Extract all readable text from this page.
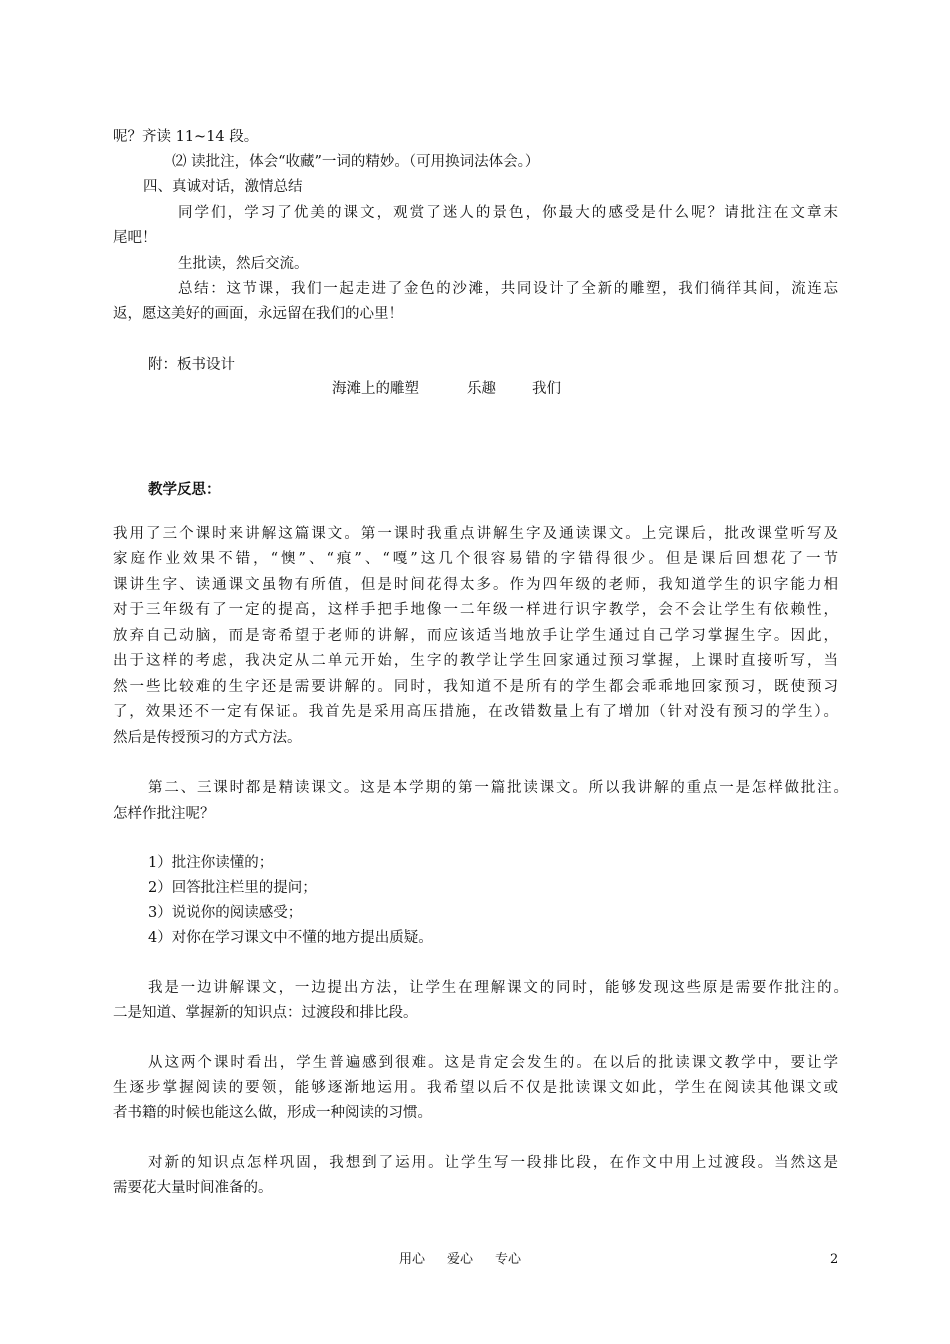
呢？齐读 11~14 段。
⑵ 读批注，体会“收藏”一词的精妙。（可用换词法体会。）
四、真诚对话，激情总结
同学们，学习了优美的课文，观赏了迷人的景色，你最大的感受是什么呢？请批注在文章末
尾吧！
生批读，然后交流。
总结：这节课，我们一起走进了金色的沙滩，共同设计了全新的雕塑，我们徜徉其间，流连忘
返，愿这美好的画面，永远留在我们的心里！
附：板书设计
海滩上的雕塑	乐趣 我们
教学反思：
我用了三个课时来讲解这篇课文。第一课时我重点讲解生字及通读课文。上完课后，批改课堂听写及
家庭作业效果不错，“懊”、“痕”、“嘎”这几个很容易错的字错得很少。但是课后回想花了一节
课讲生字、读通课文虽物有所值，但是时间花得太多。作为四年级的老师，我知道学生的识字能力相
对于三年级有了一定的提高，这样手把手地像一二年级一样进行识字教学，会不会让学生有依赖性，
放弃自己动脑，而是寄希望于老师的讲解，而应该适当地放手让学生通过自己学习掌握生字。因此，
出于这样的考虑，我决定从二单元开始，生字的教学让学生回家通过预习掌握，上课时直接听写，当
然一些比较难的生字还是需要讲解的。同时，我知道不是所有的学生都会乖乖地回家预习，既使预习
了，效果还不一定有保证。我首先是采用高压措施，在改错数量上有了增加（针对没有预习的学生）。
然后是传授预习的方式方法。
第二、三课时都是精读课文。这是本学期的第一篇批读课文。所以我讲解的重点一是怎样做批注。
怎样作批注呢？
1）批注你读懂的；
2）回答批注栏里的提问；
3）说说你的阅读感受；
4）对你在学习课文中不懂的地方提出质疑。
我是一边讲解课文，一边提出方法，让学生在理解课文的同时，能够发现这些原是需要作批注的。
二是知道、掌握新的知识点：过渡段和排比段。
从这两个课时看出，学生普遍感到很难。这是肯定会发生的。在以后的批读课文教学中，要让学
生逐步掌握阅读的要领，能够逐渐地运用。我希望以后不仅是批读课文如此，学生在阅读其他课文或
者书籍的时候也能这么做，形成一种阅读的习惯。
对新的知识点怎样巩固，我想到了运用。让学生写一段排比段，在作文中用上过渡段。当然这是
需要花大量时间准备的。
用心 爱心 专心	2
